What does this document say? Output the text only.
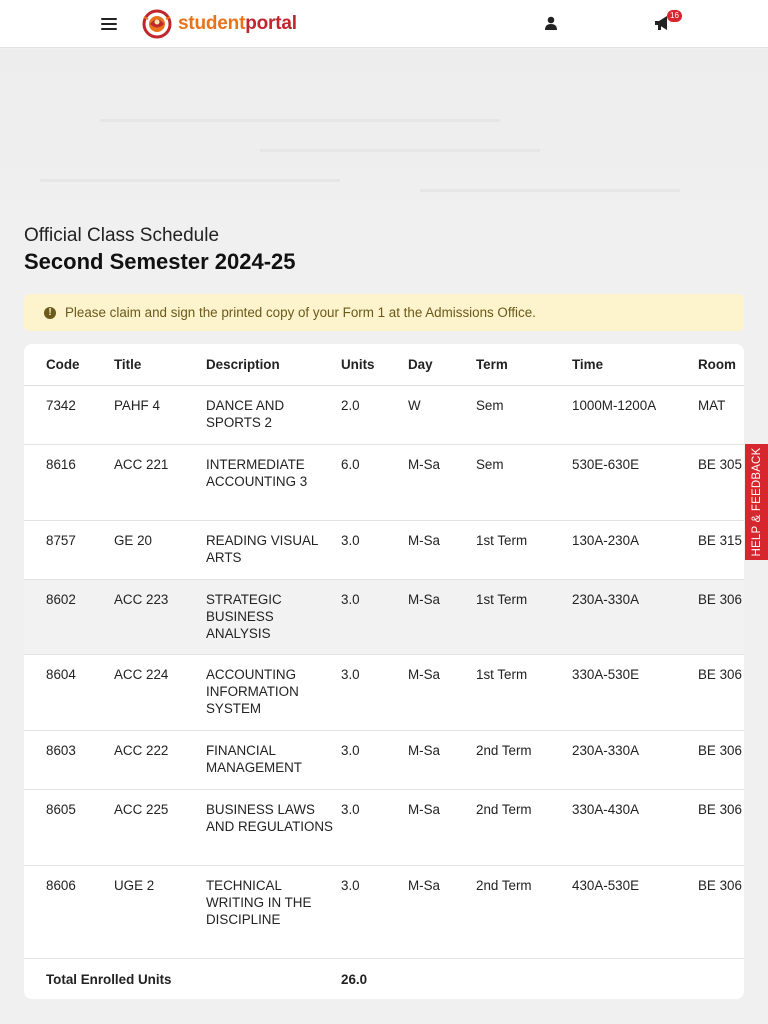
studentportal	16
Official Class Schedule
Second Semester 2024-25
! Please claim and sign the printed copy of your Form 1 at the Admissions Office.
Code	Title	Description	Units	Day	Term	Time	Room
7342	PAHF 4	DANCE AND SPORTS 2	2.0	W	Sem	1000M-1200A	MAT
8616	ACC 221	INTERMEDIATE ACCOUNTING 3	6.0	M-Sa	Sem	530E-630E	BE 305
8757	GE 20	READING VISUAL ARTS	3.0	M-Sa	1st Term	130A-230A	BE 315
8602	ACC 223	STRATEGIC BUSINESS ANALYSIS	3.0	M-Sa	1st Term	230A-330A	BE 306
8604	ACC 224	ACCOUNTING INFORMATION SYSTEM	3.0	M-Sa	1st Term	330A-530E	BE 306
8603	ACC 222	FINANCIAL MANAGEMENT	3.0	M-Sa	2nd Term	230A-330A	BE 306
8605	ACC 225	BUSINESS LAWS AND REGULATIONS	3.0	M-Sa	2nd Term	330A-430A	BE 306
8606	UGE 2	TECHNICAL WRITING IN THE DISCIPLINE	3.0	M-Sa	2nd Term	430A-530E	BE 306
Total Enrolled Units			26.0				
HELP & FEEDBACK
